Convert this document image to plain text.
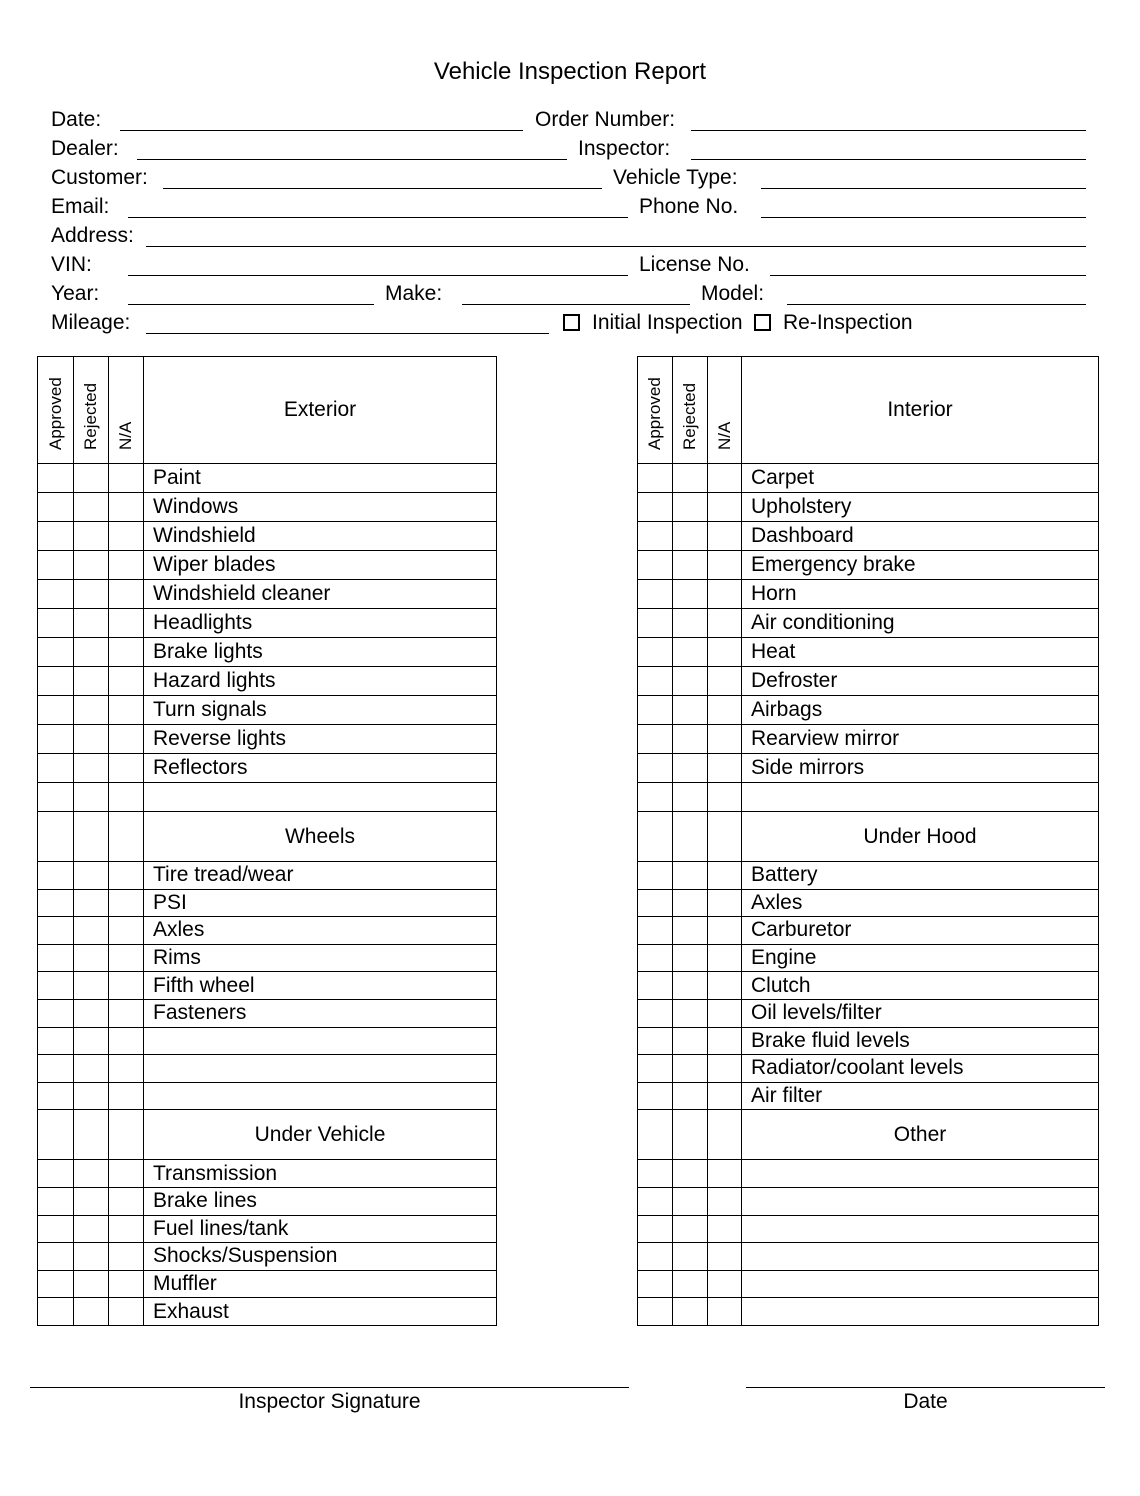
Vehicle Inspection Report
Date:	Order Number:
Dealer:	Inspector:
Customer:	Vehicle Type:
Email:	Phone No.
Address:
VIN:	License No.
Year:	Make:	Model:
Mileage:	Initial Inspection Re-Inspection
Approved	Rejected	N/A	Exterior
			Paint
			Windows
			Windshield
			Wiper blades
			Windshield cleaner
			Headlights
			Brake lights
			Hazard lights
			Turn signals
			Reverse lights
			Reflectors

			Wheels
			Tire tread/wear
			PSI
			Axles
			Rims
			Fifth wheel
			Fasteners

			Under Vehicle
			Transmission
			Brake lines
			Fuel lines/tank
			Shocks/Suspension
			Muffler
			Exhaust
Approved	Rejected	N/A	Interior
			Carpet
			Upholstery
			Dashboard
			Emergency brake
			Horn
			Air conditioning
			Heat
			Defroster
			Airbags
			Rearview mirror
			Side mirrors

			Under Hood
			Battery
			Axles
			Carburetor
			Engine
			Clutch
			Oil levels/filter
			Brake fluid levels
			Radiator/coolant levels
			Air filter
			Other

Inspector Signature	Date
